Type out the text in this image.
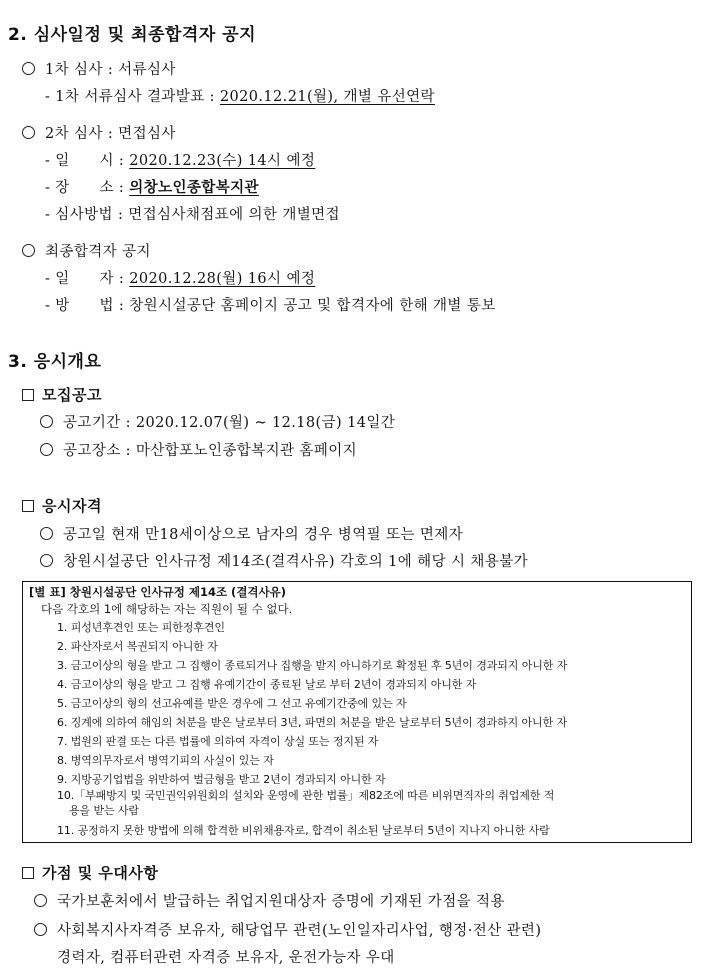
2. 심사일정 및 최종합격자 공지
1차 심사 : 서류심사
- 1차 서류심사 결과발표 : 2020.12.21(월), 개별 유선연락
2차 심사 : 면접심사
- 일　　시 : 2020.12.23(수) 14시 예정
- 장　　소 : 의창노인종합복지관
- 심사방법 : 면접심사채점표에 의한 개별면접
최종합격자 공지
- 일　　자 : 2020.12.28(월) 16시 예정
- 방　　법 : 창원시설공단 홈페이지 공고 및 합격자에 한해 개별 통보
3. 응시개요
모집공고
공고기간 : 2020.12.07(월) ~ 12.18(금) 14일간
공고장소 : 마산합포노인종합복지관 홈페이지
응시자격
공고일 현재 만18세이상으로 남자의 경우 병역필 또는 면제자
창원시설공단 인사규정 제14조(결격사유) 각호의 1에 해당 시 채용불가
[별 표] 창원시설공단 인사규정 제14조 (결격사유)
다음 각호의 1에 해당하는 자는 직원이 될 수 없다.
1. 피성년후견인 또는 피한정후견인
2. 파산자로서 복권되지 아니한 자
3. 금고이상의 형을 받고 그 집행이 종료되거나 집행을 받지 아니하기로 확정된 후 5년이 경과되지 아니한 자
4. 금고이상의 형을 받고 그 집행 유예기간이 종료된 날로 부터 2년이 경과되지 아니한 자
5. 금고이상의 형의 선고유예를 받은 경우에 그 선고 유예기간중에 있는 자
6. 징계에 의하여 해임의 처분을 받은 날로부터 3년, 파면의 처분을 받은 날로부터 5년이 경과하지 아니한 자
7. 법원의 판결 또는 다른 법률에 의하여 자격이 상실 또는 정지된 자
8. 병역의무자로서 병역기피의 사실이 있는 자
9. 지방공기업법을 위반하여 벌금형을 받고 2년이 경과되지 아니한 자
10.「부패방지 및 국민권익위원회의 설치와 운영에 관한 법률」제82조에 따른 비위면직자의 취업제한 적
용을 받는 사람
11. 공정하지 못한 방법에 의해 합격한 비위채용자로, 합격이 취소된 날로부터 5년이 지나지 아니한 사람
가점 및 우대사항
국가보훈처에서 발급하는 취업지원대상자 증명에 기재된 가점을 적용
사회복지사자격증 보유자, 해당업무 관련(노인일자리사업, 행정·전산 관련)
경력자, 컴퓨터관련 자격증 보유자, 운전가능자 우대
